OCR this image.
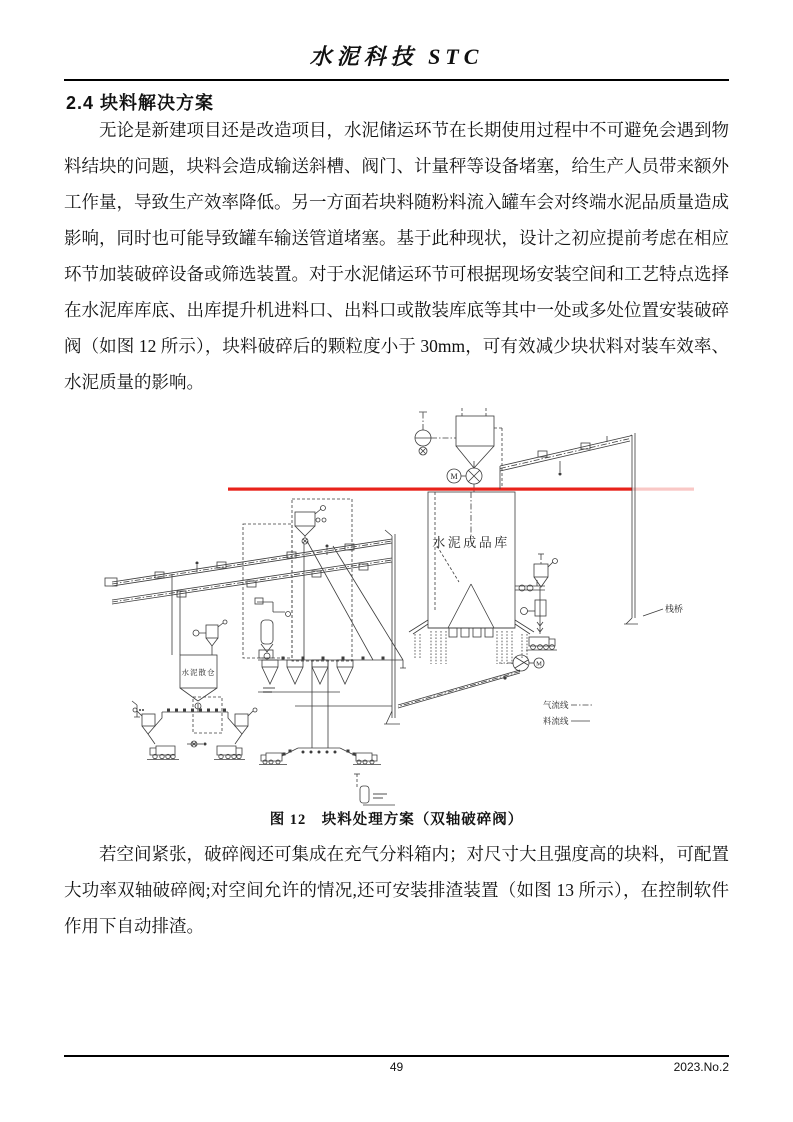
水泥科技 STC
2.4 块料解决方案
无论是新建项目还是改造项目，水泥储运环节在长期使用过程中不可避免会遇到物料结块的问题，块料会造成输送斜槽、阀门、计量秤等设备堵塞，给生产人员带来额外工作量，导致生产效率降低。另一方面若块料随粉料流入罐车会对终端水泥品质量造成影响，同时也可能导致罐车输送管道堵塞。基于此种现状，设计之初应提前考虑在相应环节加装破碎设备或筛选装置。对于水泥储运环节可根据现场安装空间和工艺特点选择在水泥库库底、出库提升机进料口、出料口或散装库底等其中一处或多处位置安装破碎阀（如图 12 所示），块料破碎后的颗粒度小于 30mm，可有效减少块状料对装车效率、水泥质量的影响。
M
栈桥
水泥成品库
M
水泥散仓
气流线
料流线
图 12　块料处理方案（双轴破碎阀）
若空间紧张，破碎阀还可集成在充气分料箱内；对尺寸大且强度高的块料，可配置大功率双轴破碎阀;对空间允许的情况,还可安装排渣装置（如图 13 所示），在控制软件作用下自动排渣。
49	2023.No.2
